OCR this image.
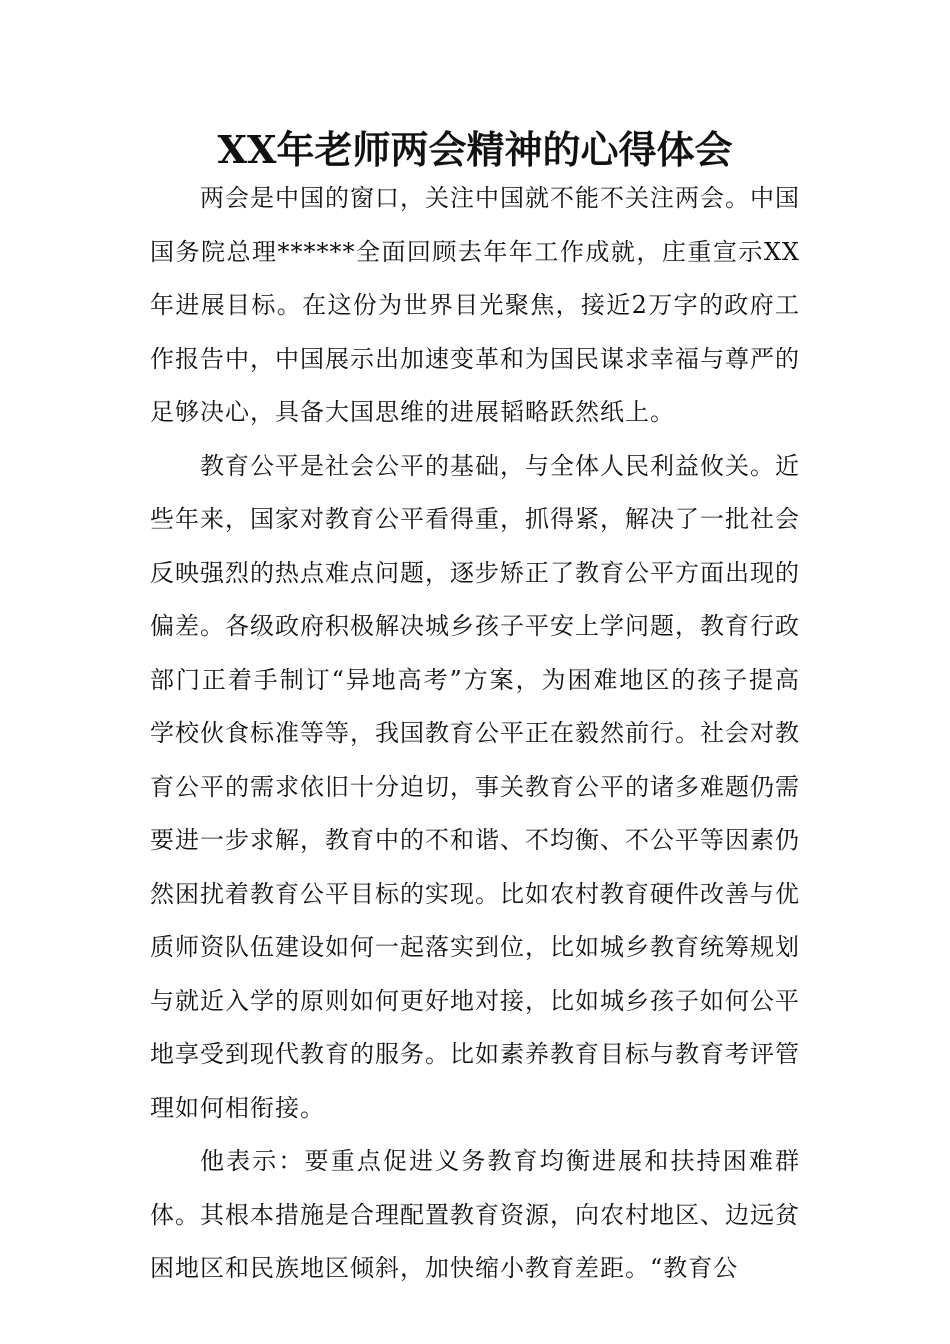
XX年老师两会精神的心得体会

两会是中国的窗口，关注中国就不能不关注两会。中国国务院总理******全面回顾去年年工作成就，庄重宣示XX年进展目标。在这份为世界目光聚焦，接近2万字的政府工作报告中，中国展示出加速变革和为国民谋求幸福与尊严的足够决心，具备大国思维的进展韬略跃然纸上。

教育公平是社会公平的基础，与全体人民利益攸关。近些年来，国家对教育公平看得重，抓得紧，解决了一批社会反映强烈的热点难点问题，逐步矫正了教育公平方面出现的偏差。各级政府积极解决城乡孩子平安上学问题，教育行政部门正着手制订“异地高考”方案，为困难地区的孩子提高学校伙食标准等等，我国教育公平正在毅然前行。社会对教育公平的需求依旧十分迫切，事关教育公平的诸多难题仍需要进一步求解，教育中的不和谐、不均衡、不公平等因素仍然困扰着教育公平目标的实现。比如农村教育硬件改善与优质师资队伍建设如何一起落实到位，比如城乡教育统筹规划与就近入学的原则如何更好地对接，比如城乡孩子如何公平地享受到现代教育的服务。比如素养教育目标与教育考评管理如何相衔接。

他表示：要重点促进义务教育均衡进展和扶持困难群体。其根本措施是合理配置教育资源，向农村地区、边远贫困地区和民族地区倾斜，加快缩小教育差距。“教育公
